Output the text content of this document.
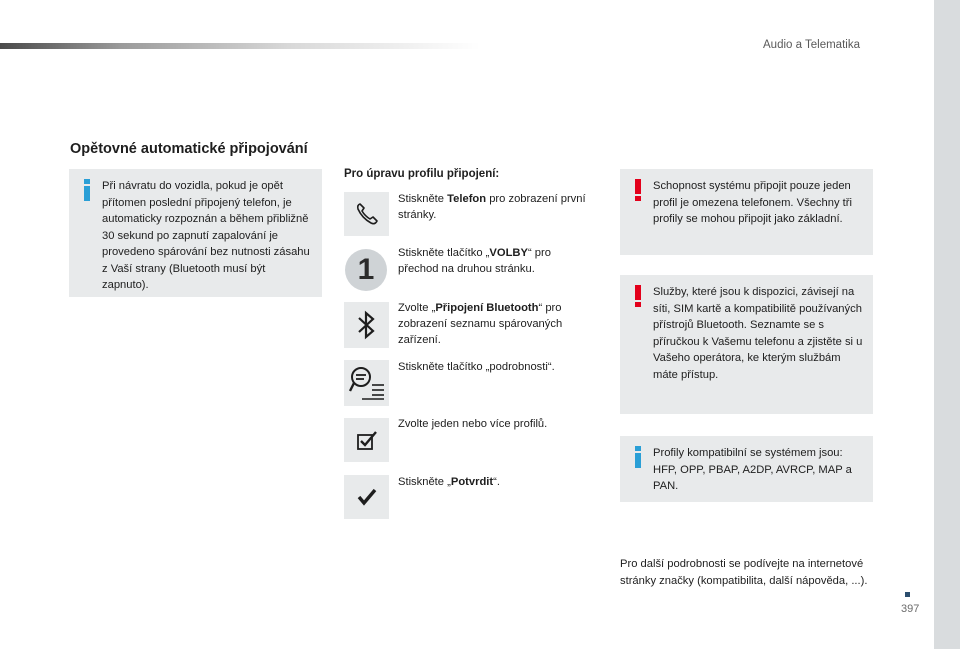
Audio a Telematika
Opětovné automatické připojování
Při návratu do vozidla, pokud je opět přítomen poslední připojený telefon, je automaticky rozpoznán a během přibližně 30 sekund po zapnutí zapalování je provedeno spárování bez nutnosti zásahu z Vaší strany (Bluetooth musí být zapnuto).
Pro úpravu profilu připojení:
Stiskněte Telefon pro zobrazení první stránky.
1	Stiskněte tlačítko „VOLBY“ pro přechod na druhou stránku.
Zvolte „Připojení Bluetooth“ pro zobrazení seznamu spárovaných zařízení.
Stiskněte tlačítko „podrobnosti“.
Zvolte jeden nebo více profilů.
Stiskněte „Potvrdit“.
Schopnost systému připojit pouze jeden profil je omezena telefonem. Všechny tři profily se mohou připojit jako základní.
Služby, které jsou k dispozici, závisejí na síti, SIM kartě a kompatibilitě používaných přístrojů Bluetooth. Seznamte se s příručkou k Vašemu telefonu a zjistěte si u Vašeho operátora, ke kterým službám máte přístup.
Profily kompatibilní se systémem jsou: HFP, OPP, PBAP, A2DP, AVRCP, MAP a PAN.
Pro další podrobnosti se podívejte na internetové stránky značky (kompatibilita, další nápověda, ...).
397
